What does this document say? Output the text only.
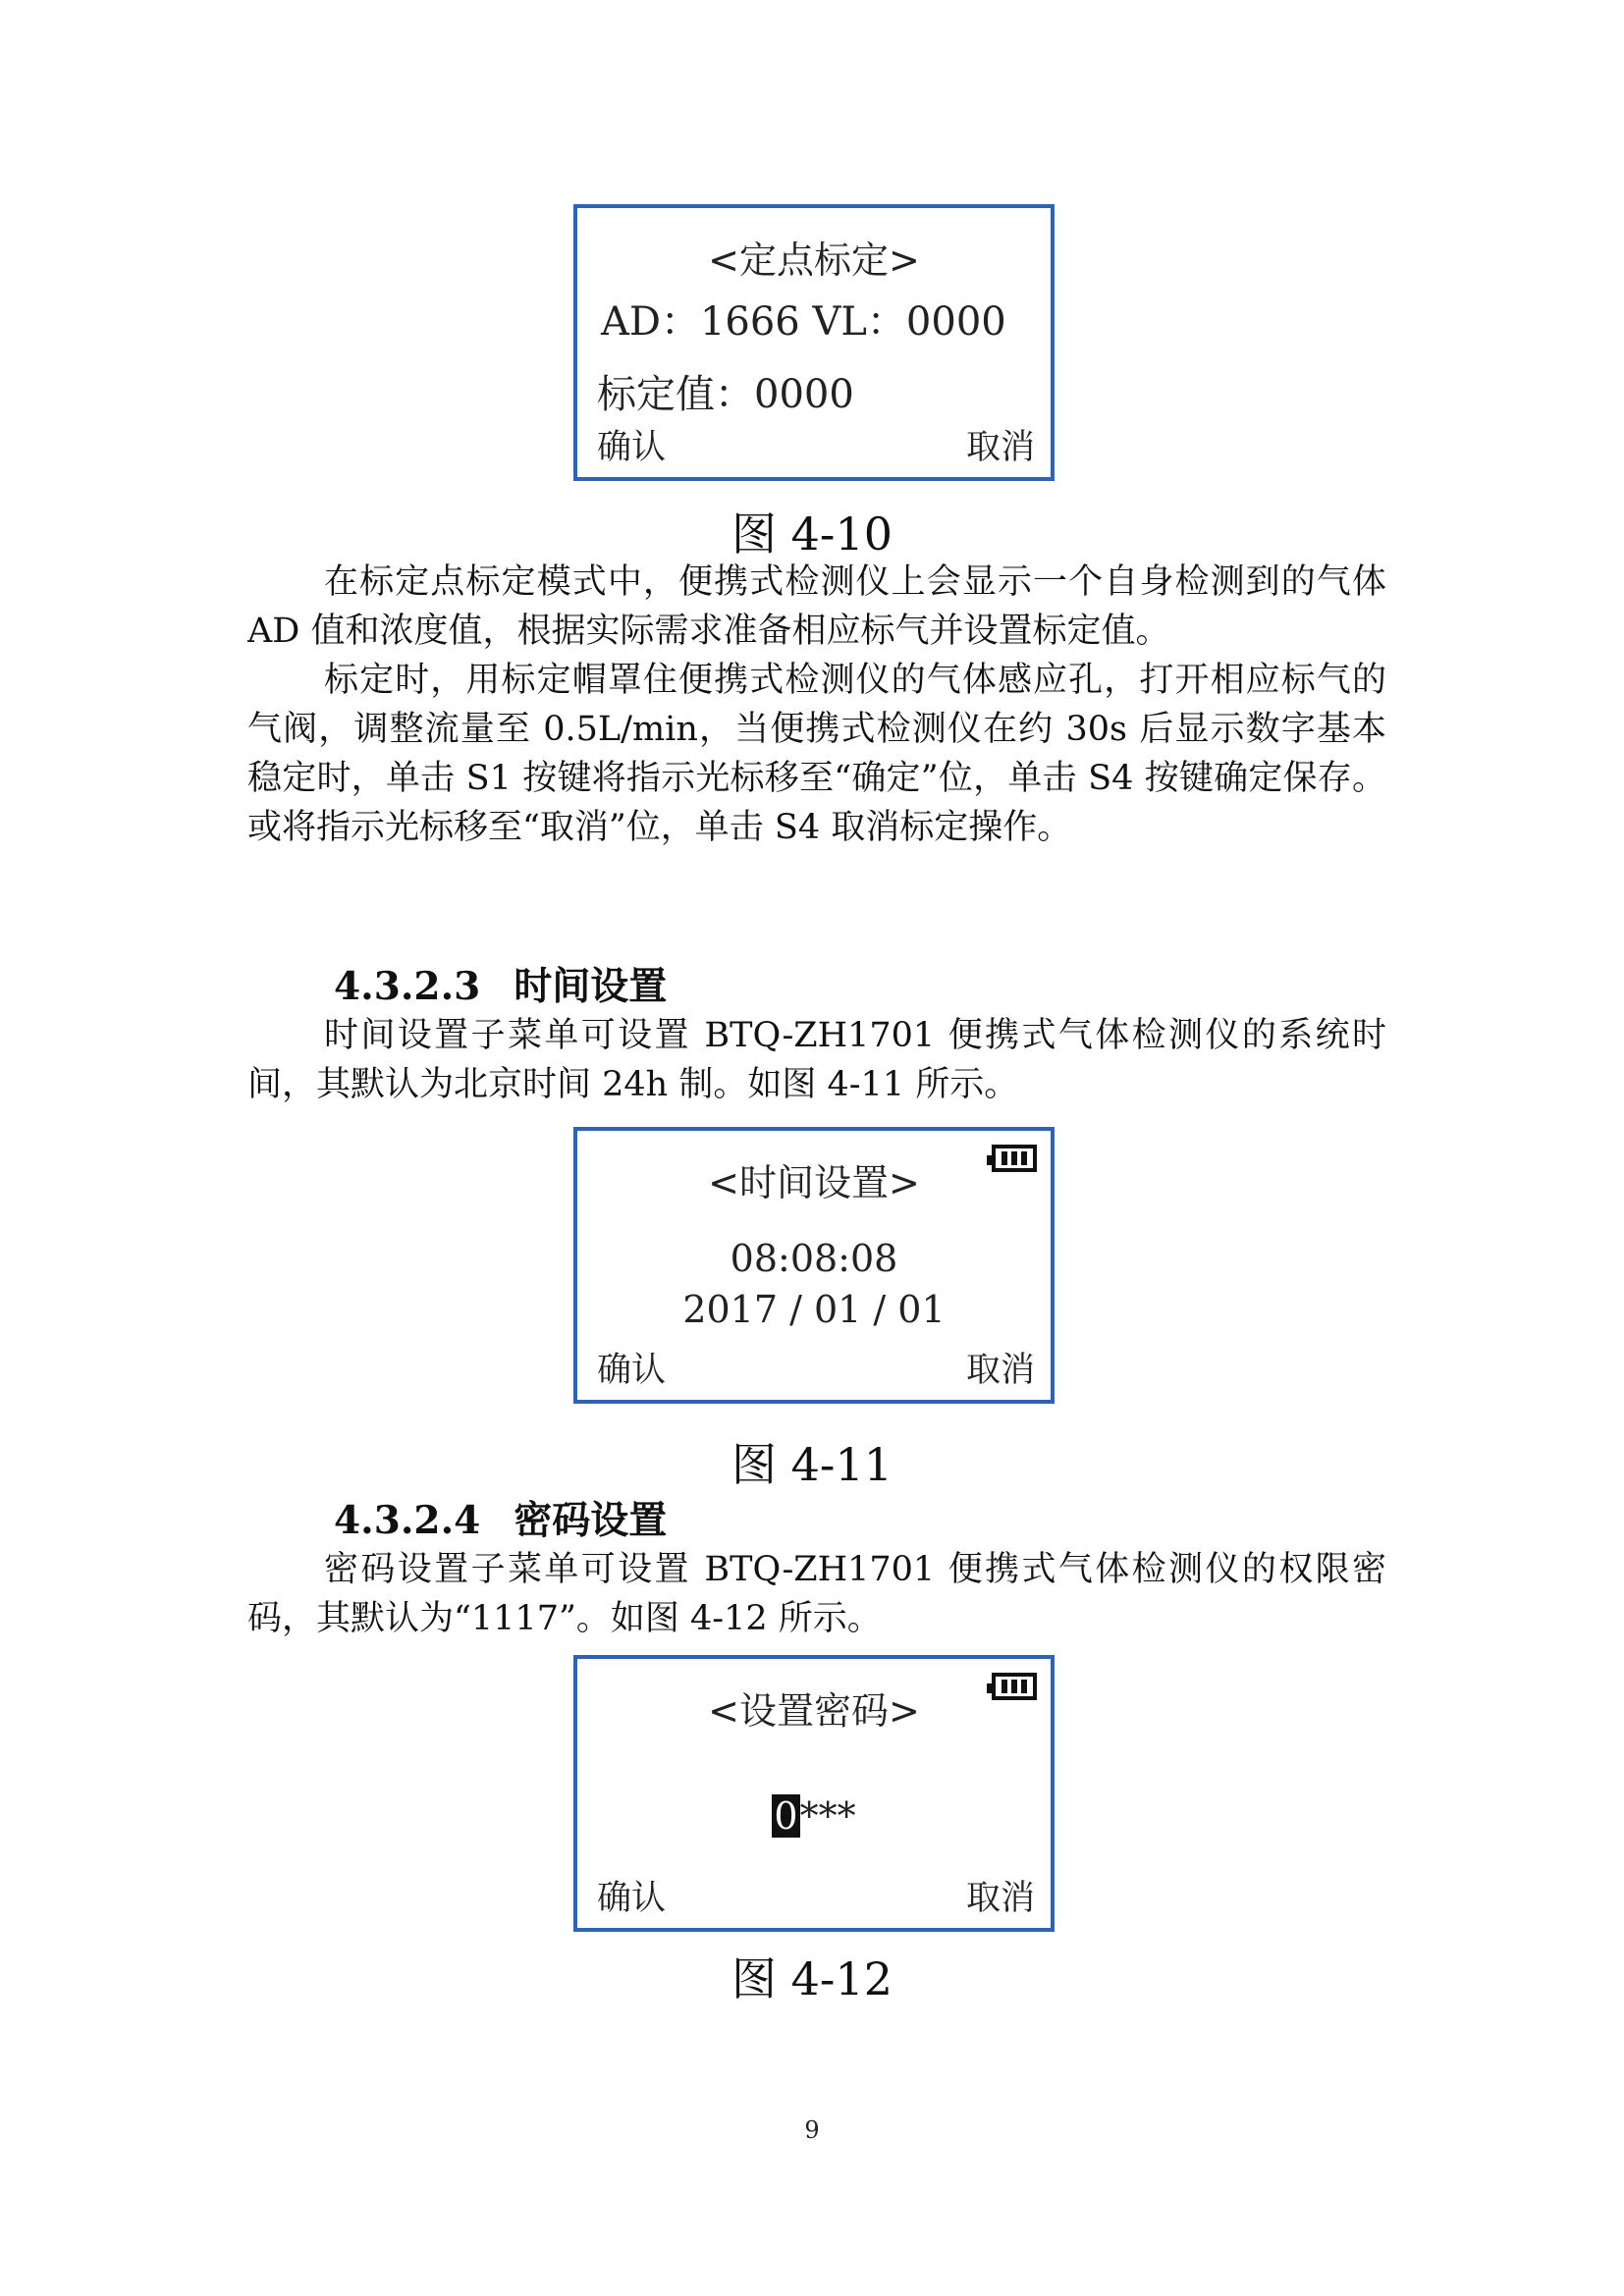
<定点标定>
AD：1666 VL：0000
标定值：0000
确认	取消
图 4-10

在标定点标定模式中，便携式检测仪上会显示一个自身检测到的气体 AD 值和浓度值，根据实际需求准备相应标气并设置标定值。

标定时，用标定帽罩住便携式检测仪的气体感应孔，打开相应标气的气阀，调整流量至 0.5L/min，当便携式检测仪在约 30s 后显示数字基本稳定时，单击 S1 按键将指示光标移至“确定”位，单击 S4 按键确定保存。或将指示光标移至“取消”位，单击 S4 取消标定操作。

4.3.2.3 时间设置

时间设置子菜单可设置 BTQ-ZH1701 便携式气体检测仪的系统时间，其默认为北京时间 24h 制。如图 4-11 所示。

<时间设置>
08:08:08
2017 / 01 / 01
确认	取消
图 4-11
4.3.2.4 密码设置

密码设置子菜单可设置 BTQ-ZH1701 便携式气体检测仪的权限密码，其默认为“1117”。如图 4-12 所示。

<设置密码>
0***
确认	取消
图 4-12
9
